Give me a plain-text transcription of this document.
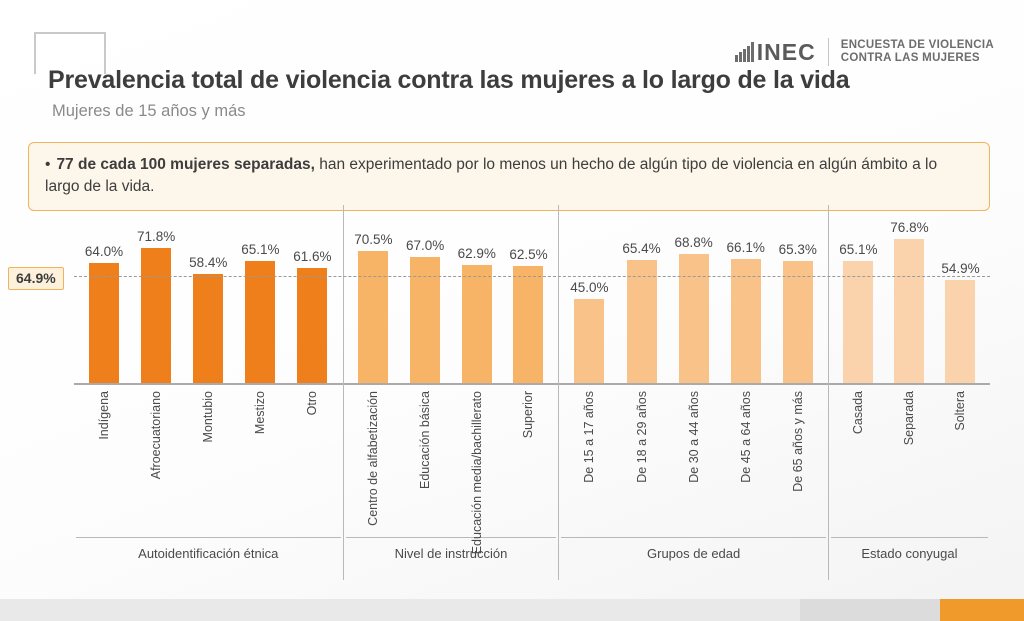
Prevalencia total de violencia contra las mujeres a lo largo de la vida
Mujeres de 15 años y más
INEC ENCUESTA DE VIOLENCIA
CONTRA LAS MUJERES
• 77 de cada 100 mujeres separadas, han experimentado por lo menos un hecho de algún tipo de violencia en algún ámbito a lo largo de la vida.
64.9%
64.0%
71.8%
58.4%
65.1% 61.6%
Indígena	Afroecuatoriano	Montubio	Mestizo	Otro
Autoidentificación étnica
70.5% 67.0%
62.9% 62.5%
Centro de alfabetización	Educación básica	Educación media/bachillerato	Superior
Nivel de instrucción
45.0%
65.4% 68.8% 66.1% 65.3%
De 15 a 17 años	De 18 a 29 años	De 30 a 44 años	De 45 a 64 años	De 65 años y más
Grupos de edad
65.1%
76.8%
54.9%
Casada	Separada	Soltera
Estado conyugal
